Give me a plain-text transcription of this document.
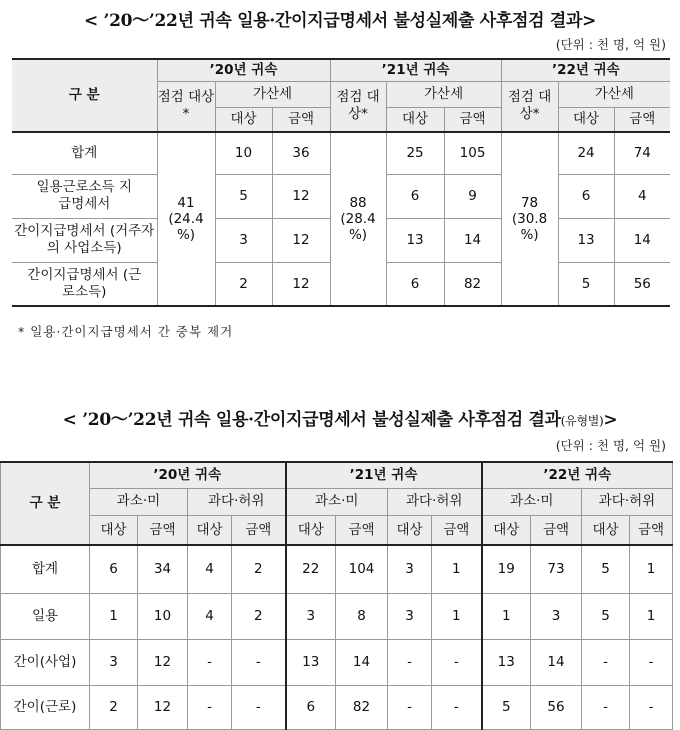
< ’20～’22년 귀속 일용·간이지급명세서 불성실제출 사후점검 결과>
(단위 : 천 명, 억 원)
구 분	’20년 귀속			’21년 귀속			’22년 귀속		
	점검 대상*	가산세		점검 대상*	가산세		점검 대상*	가산세	
		대상	금액		대상	금액		대상	금액
합계	41 (24.4 %)	10	36	88 (28.4 %)	25	105	78 (30.8 %)	24	74
일용근로소득 지급명세서		5	12		6	9		6	4
간이지급명세서 (거주자의 사업소득)		3	12		13	14		13	14
간이지급명세서 (근로소득)		2	12		6	82		5	56
* 일용·간이지급명세서 간 중복 제거
< ’20～’22년 귀속 일용·간이지급명세서 불성실제출 사후점검 결과(유형별)>
(단위 : 천 명, 억 원)
구 분	’20년 귀속				’21년 귀속				’22년 귀속			
	과소·미		과다·허위		과소·미		과다·허위		과소·미		과다·허위	
	대상	금액	대상	금액	대상	금액	대상	금액	대상	금액	대상	금액
합계	6	34	4	2	22	104	3	1	19	73	5	1
일용	1	10	4	2	3	8	3	1	1	3	5	1
간이(사업)	3	12	-	-	13	14	-	-	13	14	-	-
간이(근로)	2	12	-	-	6	82	-	-	5	56	-	-
